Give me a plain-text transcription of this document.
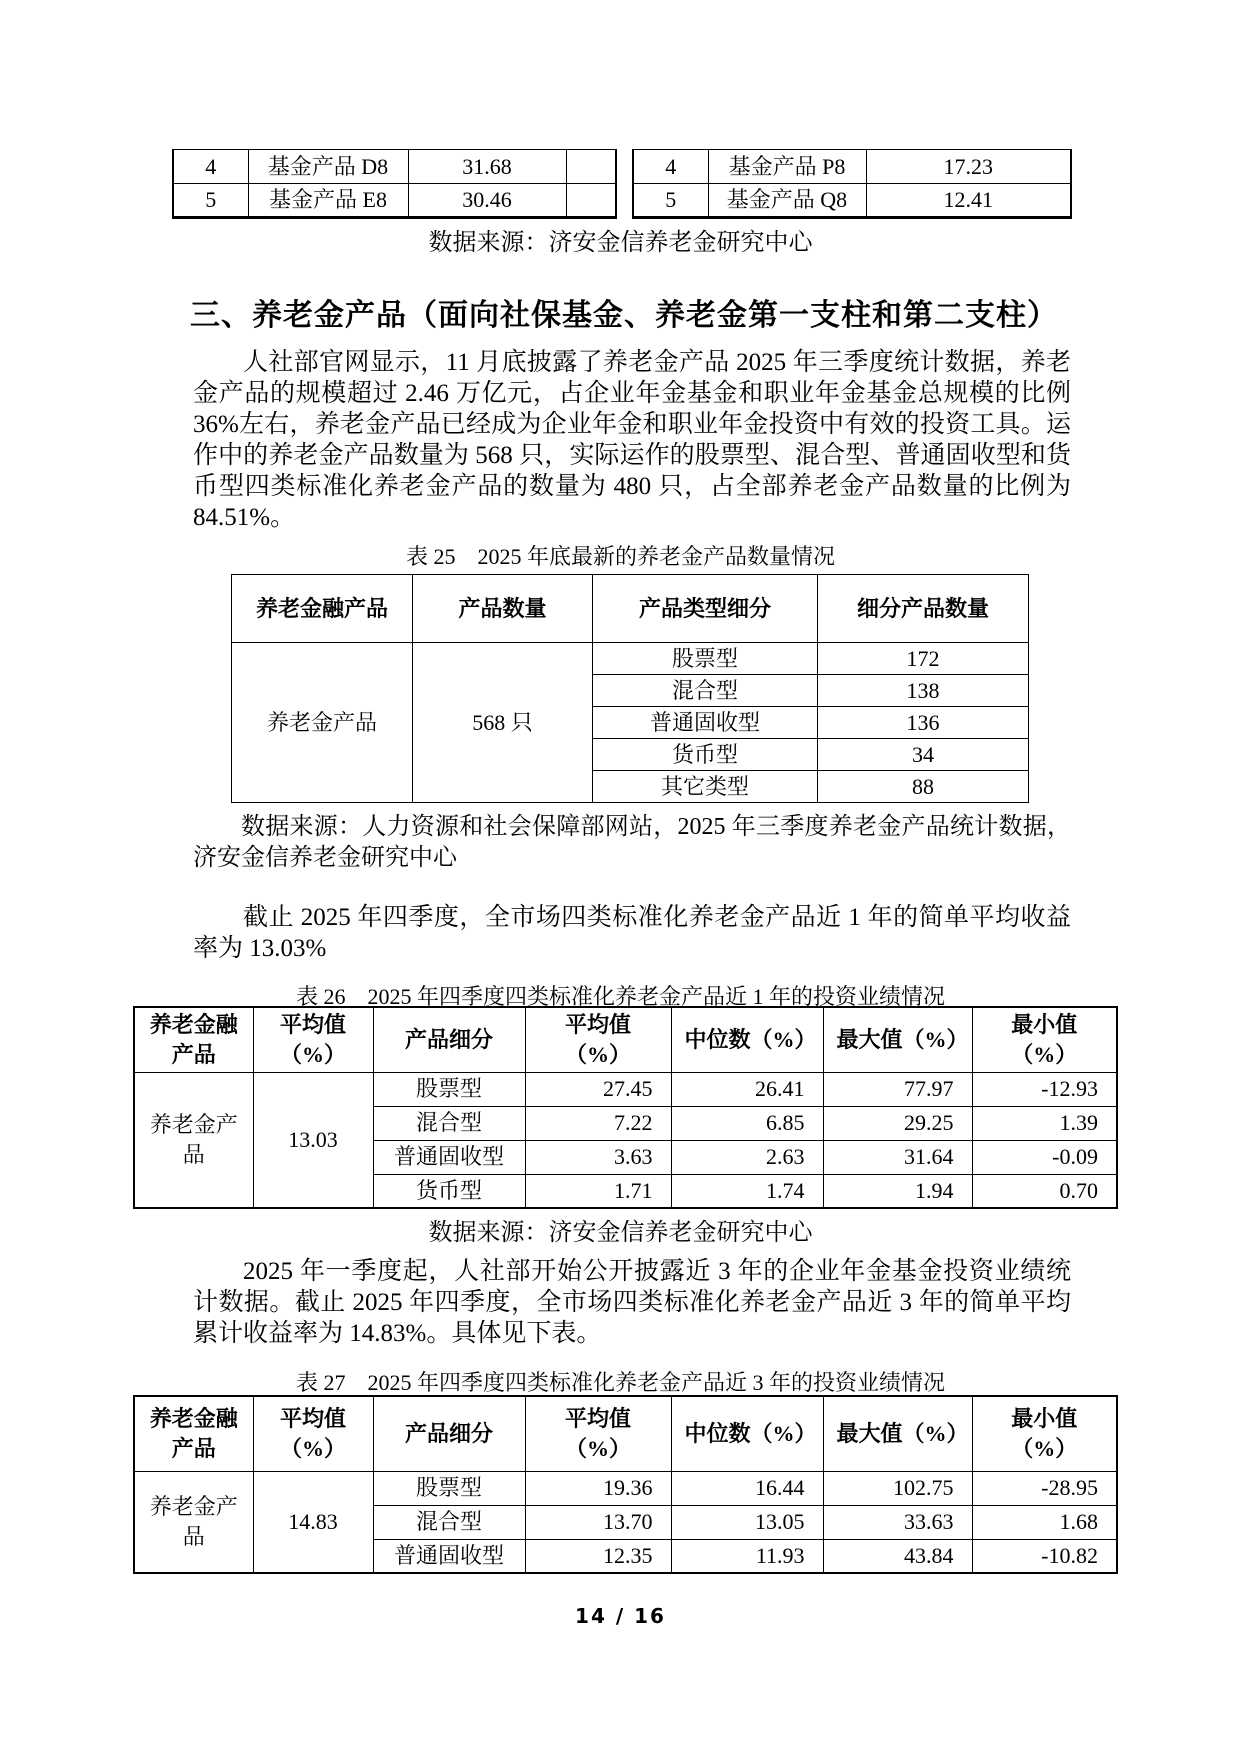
4	基金产品 D8	31.68	
5	基金产品 E8	30.46	
4	基金产品 P8	17.23
5	基金产品 Q8	12.41
数据来源：济安金信养老金研究中心
三、养老金产品（面向社保基金、养老金第一支柱和第二支柱）
人社部官网显示，11 月底披露了养老金产品 2025 年三季度统计数据，养老金产品的规模超过 2.46 万亿元，占企业年金基金和职业年金基金总规模的比例 36%左右，养老金产品已经成为企业年金和职业年金投资中有效的投资工具。运作中的养老金产品数量为 568 只，实际运作的股票型、混合型、普通固收型和货币型四类标准化养老金产品的数量为 480 只，占全部养老金产品数量的比例为 84.51%。
表 25　2025 年底最新的养老金产品数量情况
养老金融产品	产品数量	产品类型细分	细分产品数量
养老金产品	568 只	股票型	172
		混合型	138
		普通固收型	136
		货币型	34
		其它类型	88
数据来源：人力资源和社会保障部网站，2025 年三季度养老金产品统计数据，济安金信养老金研究中心
截止 2025 年四季度，全市场四类标准化养老金产品近 1 年的简单平均收益率为 13.03%
表 26　2025 年四季度四类标准化养老金产品近 1 年的投资业绩情况
养老金融产品	平均值（%）	产品细分	平均值（%）	中位数（%）	最大值（%）	最小值（%）
养老金产品	13.03	股票型	27.45	26.41	77.97	-12.93
		混合型	7.22	6.85	29.25	1.39
		普通固收型	3.63	2.63	31.64	-0.09
		货币型	1.71	1.74	1.94	0.70
数据来源：济安金信养老金研究中心
2025 年一季度起，人社部开始公开披露近 3 年的企业年金基金投资业绩统计数据。截止 2025 年四季度，全市场四类标准化养老金产品近 3 年的简单平均累计收益率为 14.83%。具体见下表。
表 27　2025 年四季度四类标准化养老金产品近 3 年的投资业绩情况
养老金融产品	平均值（%）	产品细分	平均值（%）	中位数（%）	最大值（%）	最小值（%）
养老金产品	14.83	股票型	19.36	16.44	102.75	-28.95
		混合型	13.70	13.05	33.63	1.68
		普通固收型	12.35	11.93	43.84	-10.82
14 / 16
